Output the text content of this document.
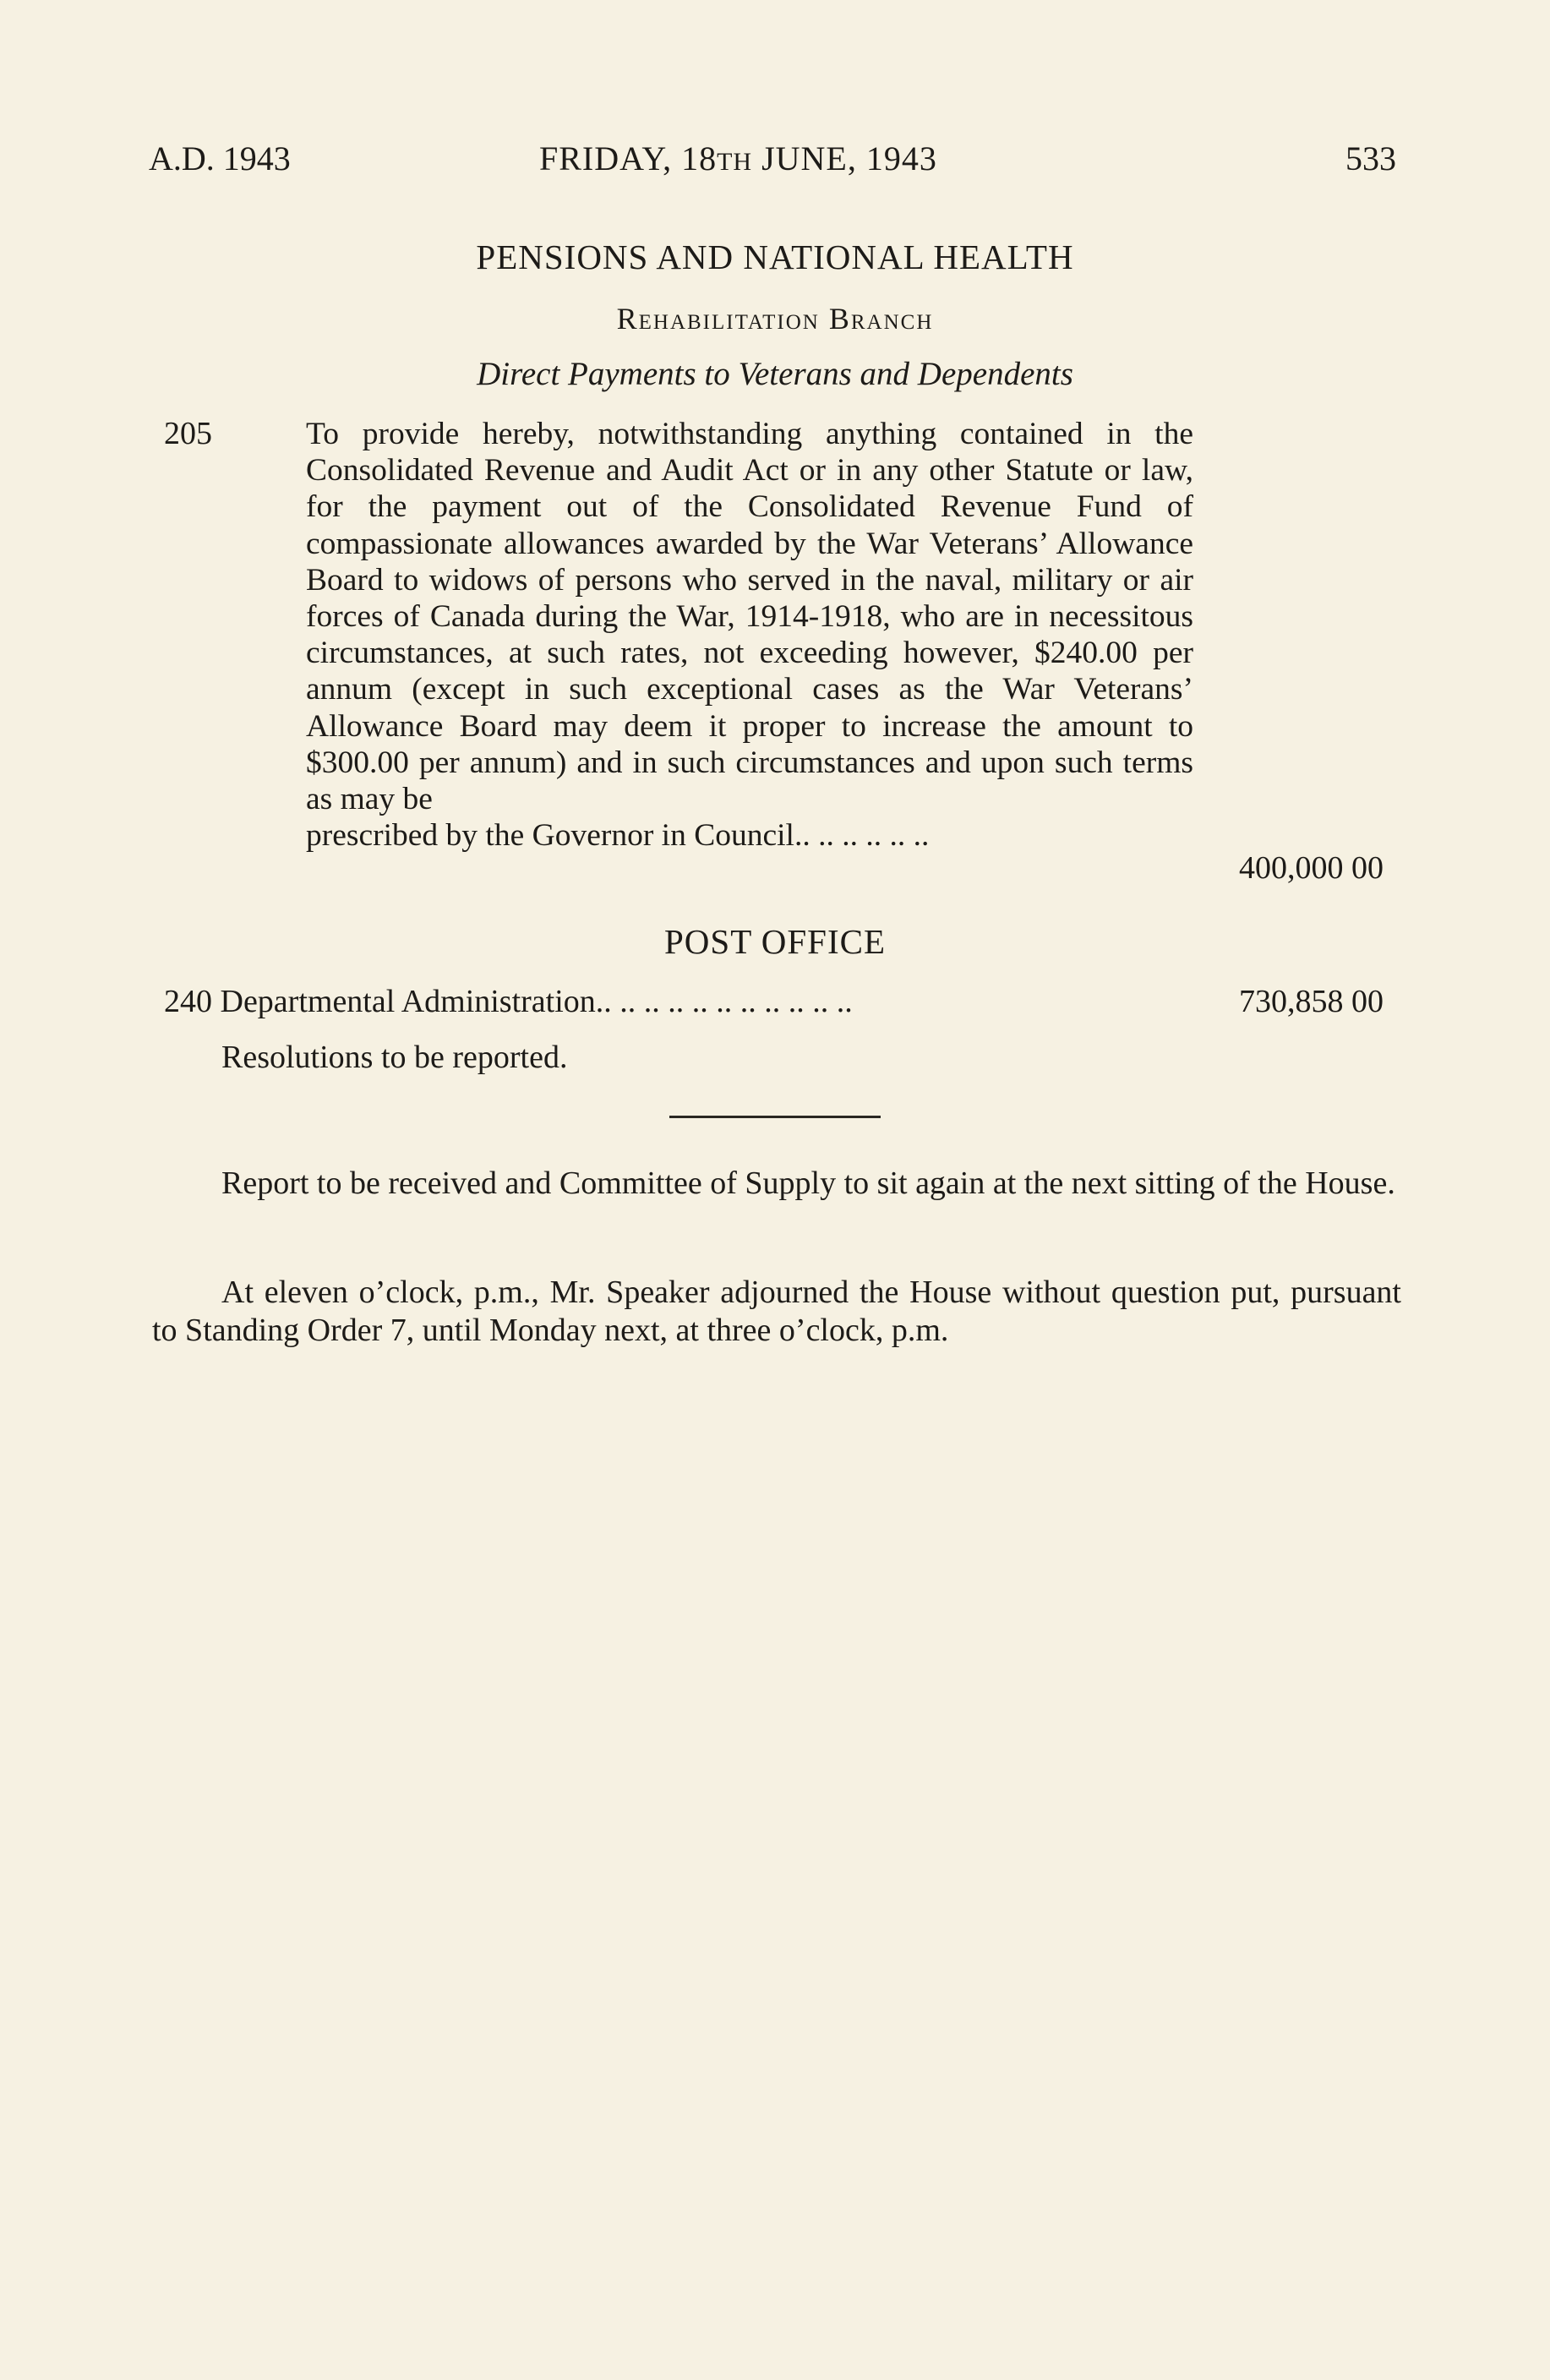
A.D. 1943	FRIDAY, 18TH JUNE, 1943	533
PENSIONS AND NATIONAL HEALTH
Rehabilitation Branch
Direct Payments to Veterans and Dependents
205	To provide hereby, notwithstanding anything contained in the Consolidated Revenue and Audit Act or in any other Statute or law, for the payment out of the Consolidated Revenue Fund of compassionate allowances awarded by the War Veterans’ Allowance Board to widows of persons who served in the naval, military or air forces of Canada during the War, 1914-1918, who are in necessitous circumstances, at such rates, not exceeding however, $240.00 per annum (except in such exceptional cases as the War Veterans’ Allowance Board may deem it proper to increase the amount to $300.00 per annum) and in such circumstances and upon such terms as may be
prescribed by the Governor in Council.. .. .. .. .. ..
400,000 00
POST OFFICE
240 Departmental Administration.. .. .. .. .. .. .. .. .. .. ..	730,858 00
Resolutions to be reported.
Report to be received and Committee of Supply to sit again at the next sitting of the House.
At eleven o’clock, p.m., Mr. Speaker adjourned the House without question put, pursuant to Standing Order 7, until Monday next, at three o’clock, p.m.
